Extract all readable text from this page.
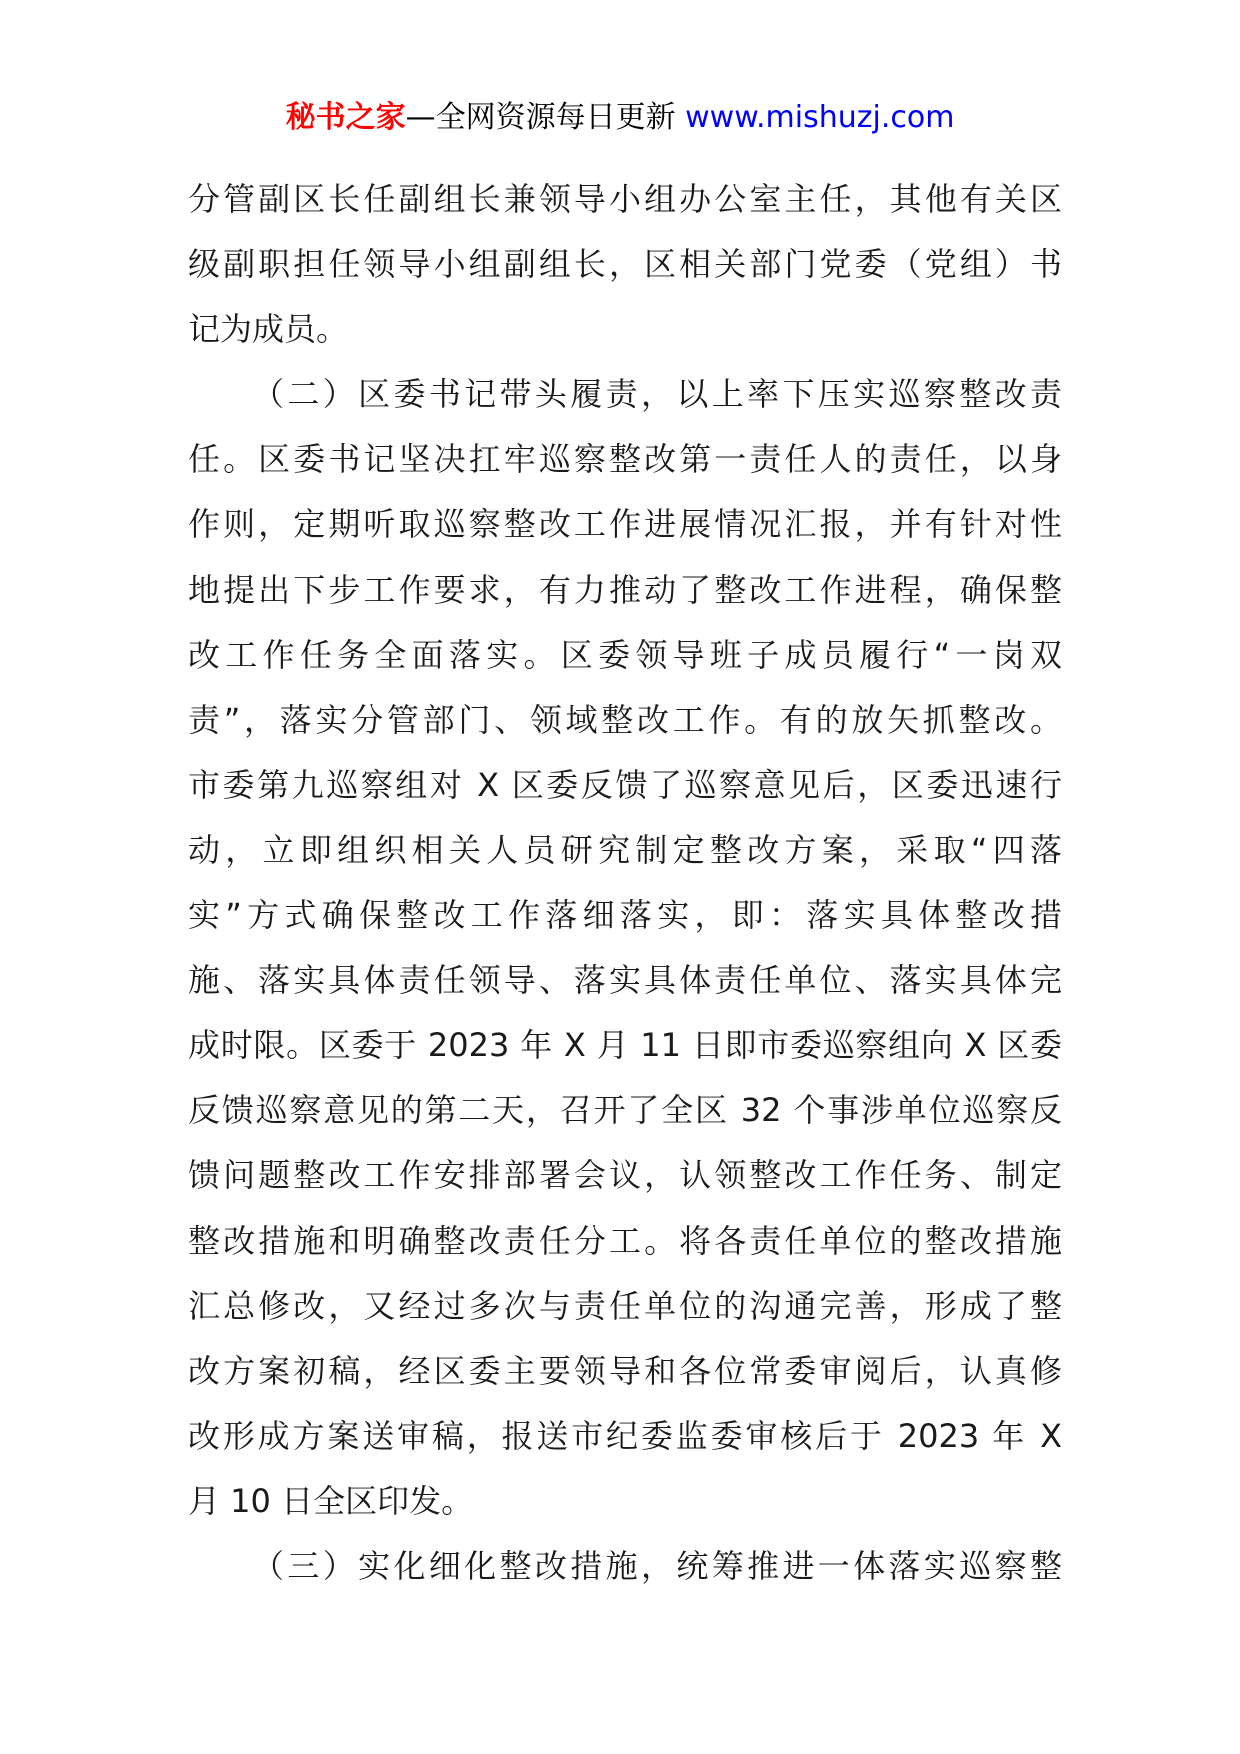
秘书之家—全网资源每日更新 www.mishuzj.com
分管副区长任副组长兼领导小组办公室主任，其他有关区
级副职担任领导小组副组长，区相关部门党委（党组）书
记为成员。
（二）区委书记带头履责，以上率下压实巡察整改责
任。区委书记坚决扛牢巡察整改第一责任人的责任，以身
作则，定期听取巡察整改工作进展情况汇报，并有针对性
地提出下步工作要求，有力推动了整改工作进程，确保整
改工作任务全面落实。区委领导班子成员履行“一岗双
责”，落实分管部门、领域整改工作。有的放矢抓整改。
市委第九巡察组对 X 区委反馈了巡察意见后，区委迅速行
动，立即组织相关人员研究制定整改方案，采取“四落
实”方式确保整改工作落细落实，即：落实具体整改措
施、落实具体责任领导、落实具体责任单位、落实具体完
成时限。区委于 2023 年 X 月 11 日即市委巡察组向 X 区委
反馈巡察意见的第二天，召开了全区 32 个事涉单位巡察反
馈问题整改工作安排部署会议，认领整改工作任务、制定
整改措施和明确整改责任分工。将各责任单位的整改措施
汇总修改，又经过多次与责任单位的沟通完善，形成了整
改方案初稿，经区委主要领导和各位常委审阅后，认真修
改形成方案送审稿，报送市纪委监委审核后于 2023 年 X
月 10 日全区印发。
（三）实化细化整改措施，统筹推进一体落实巡察整
